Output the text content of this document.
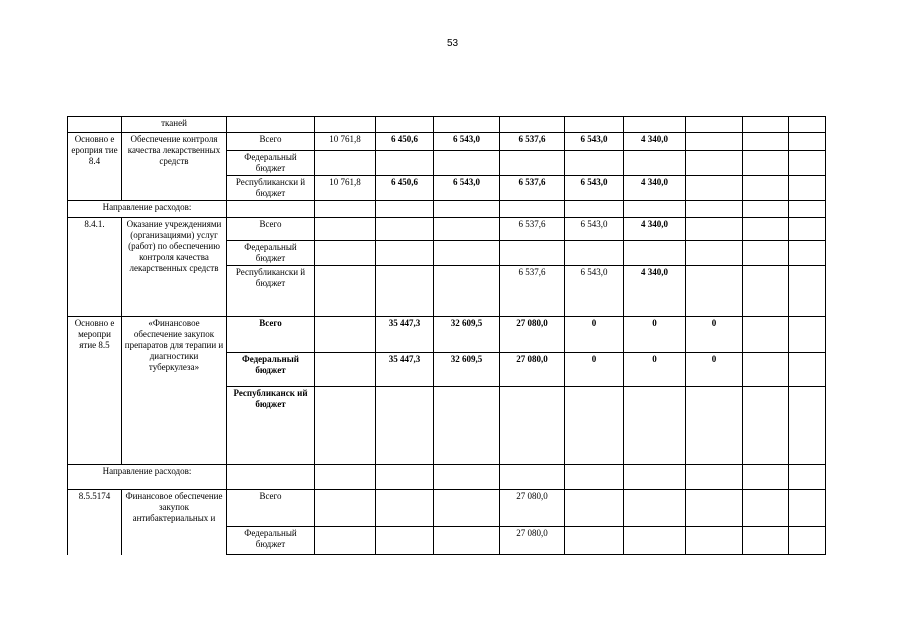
53
	тканей										
Основно е ероприя тие 8.4	Обеспечение контроля качества лекарственных средств	Всего	10 761,8	6 450,6	6 543,0	6 537,6	6 543,0	4 340,0			
		Федеральный бюджет									
		Республикански й бюджет	10 761,8	6 450,6	6 543,0	6 537,6	6 543,0	4 340,0			
Направление расходов:											
8.4.1.	Оказание учреждениями (организациями) услуг (работ) по обеспечению контроля качества лекарственных средств	Всего				6 537,6	6 543,0	4 340,0			
		Федеральный бюджет									
		Республикански й бюджет				6 537,6	6 543,0	4 340,0			
Основно е меропри ятие 8.5	«Финансовое обеспечение закупок препаратов для терапии и диагностики туберкулеза»	Всего		35 447,3	32 609,5	27 080,0	0	0	0		
		Федеральный бюджет		35 447,3	32 609,5	27 080,0	0	0	0		
		Республиканск ий бюджет									
Направление расходов:											
8.5.5174	Финансовое обеспечение закупок антибактериальных и	Всего				27 080,0					
		Федеральный бюджет				27 080,0					
